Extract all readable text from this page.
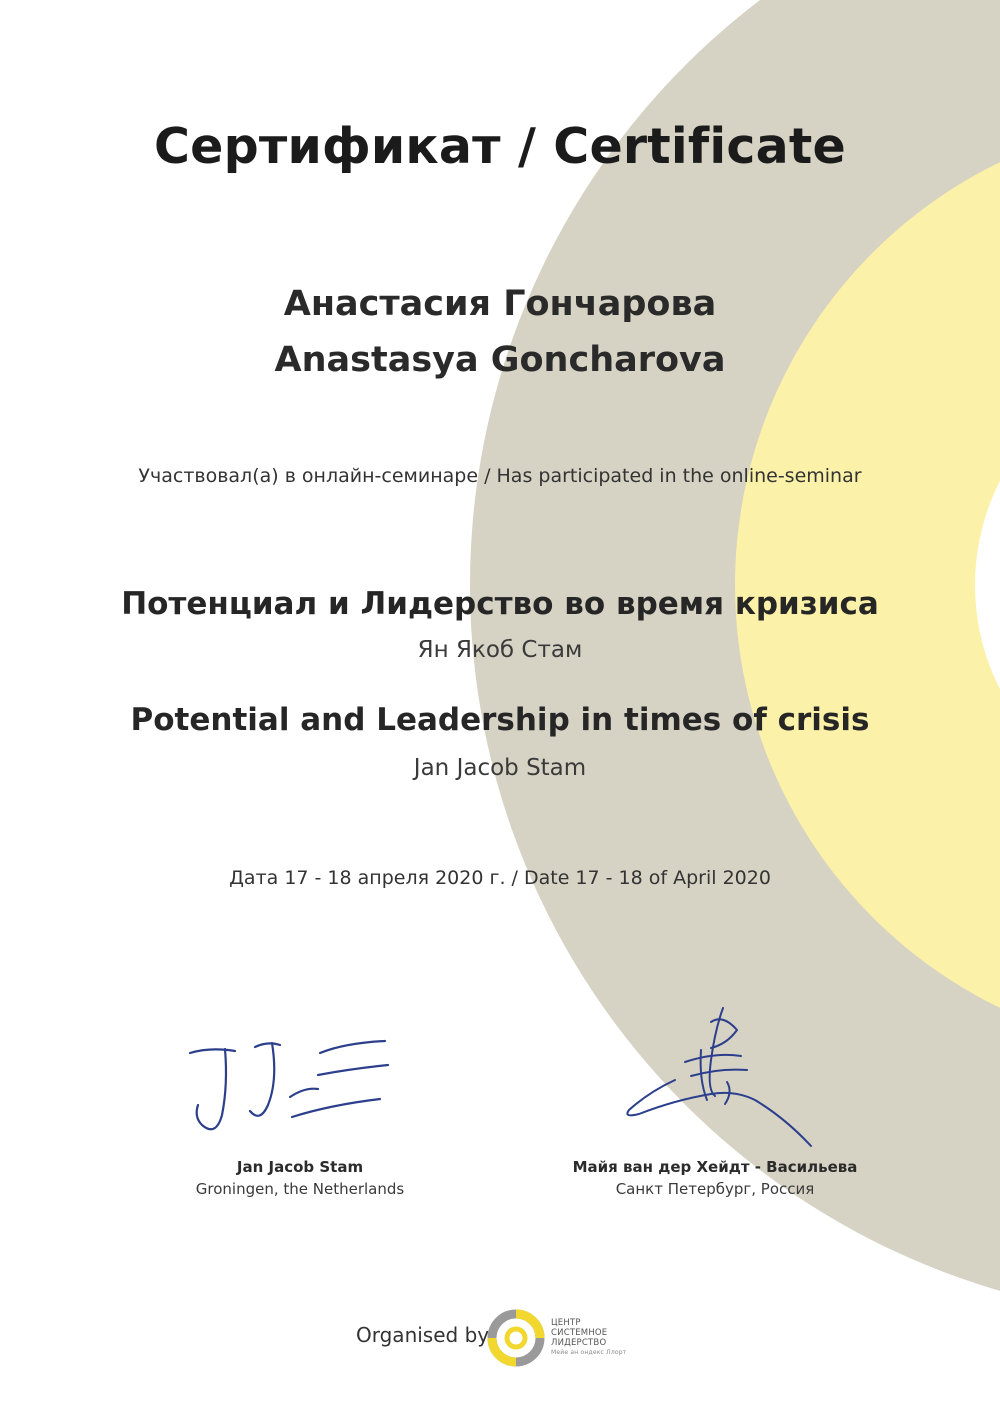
Сертификат / Certificate
Анастасия Гончарова
Anastasya Goncharova
Участвовал(а) в онлайн-семинаре / Has participated in the online-seminar
Потенциал и Лидерство во время кризиса
Ян Якоб Стам
Potential and Leadership in times of crisis
Jan Jacob Stam
Дата 17 - 18 апреля 2020 г. / Date 17 - 18 of April 2020
Jan Jacob Stam
Groningen, the Netherlands
Майя ван дер Хейдт - Васильева
Санкт Петербург, Россия
Organised by	ЦЕНТР
СИСТЕМНОЕ
ЛИДЕРСТВО
Мейе ан ондекс Ллорт
